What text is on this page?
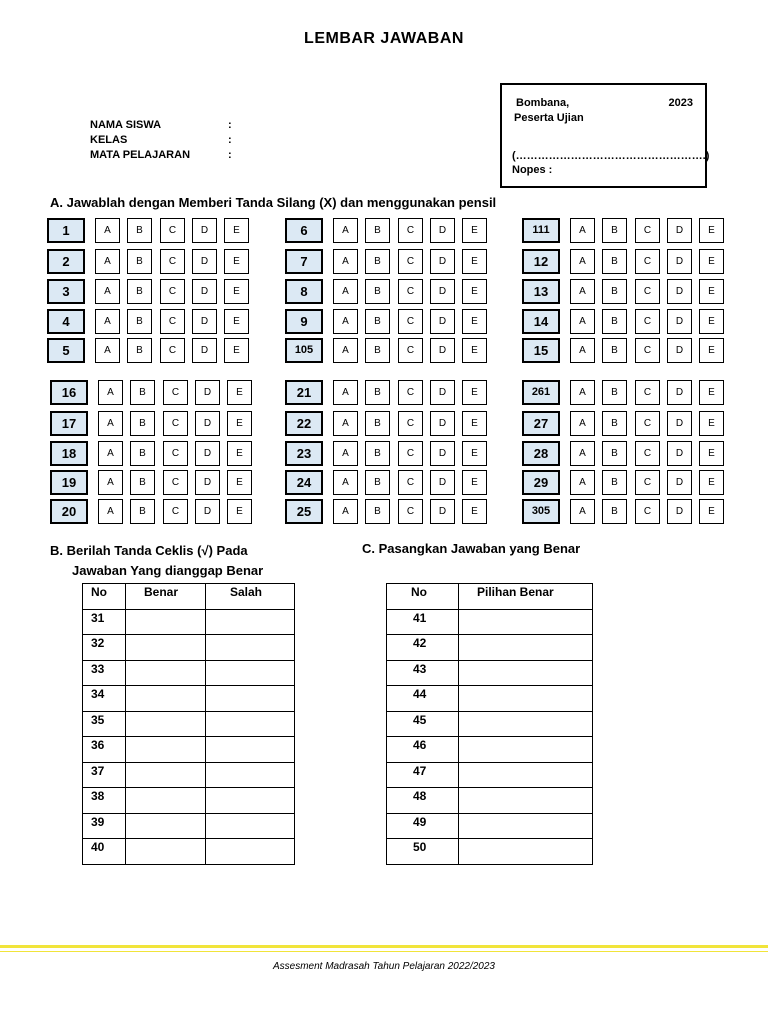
LEMBAR JAWABAN
NAMA SISWA	:
KELAS	:
MATA PELAJARAN	:
Bombana,	2023
Peserta Ujian
(…………………………………………….)
Nopes :
A. Jawablah dengan Memberi Tanda Silang (X) dan menggunakan pensil
1	A	B	C	D	E
2	A	B	C	D	E
3	A	B	C	D	E
4	A	B	C	D	E
5	A	B	C	D	E
6	A	B	C	D	E
7	A	B	C	D	E
8	A	B	C	D	E
9	A	B	C	D	E
105	A	B	C	D	E
111	A	B	C	D	E
12	A	B	C	D	E
13	A	B	C	D	E
14	A	B	C	D	E
15	A	B	C	D	E
16	A	B	C	D	E
17	A	B	C	D	E
18	A	B	C	D	E
19	A	B	C	D	E
20	A	B	C	D	E
21	A	B	C	D	E
22	A	B	C	D	E
23	A	B	C	D	E
24	A	B	C	D	E
25	A	B	C	D	E
261	A	B	C	D	E
27	A	B	C	D	E
28	A	B	C	D	E
29	A	B	C	D	E
305	A	B	C	D	E
B. Berilah Tanda Ceklis (√) Pada
Jawaban Yang dianggap Benar
No	Benar	Salah
31		
32		
33		
34		
35		
36		
37		
38		
39		
40		
C. Pasangkan Jawaban yang Benar
No	Pilihan Benar
41	
42	
43	
44	
45	
46	
47	
48	
49	
50	
Assesment Madrasah Tahun Pelajaran 2022/2023
